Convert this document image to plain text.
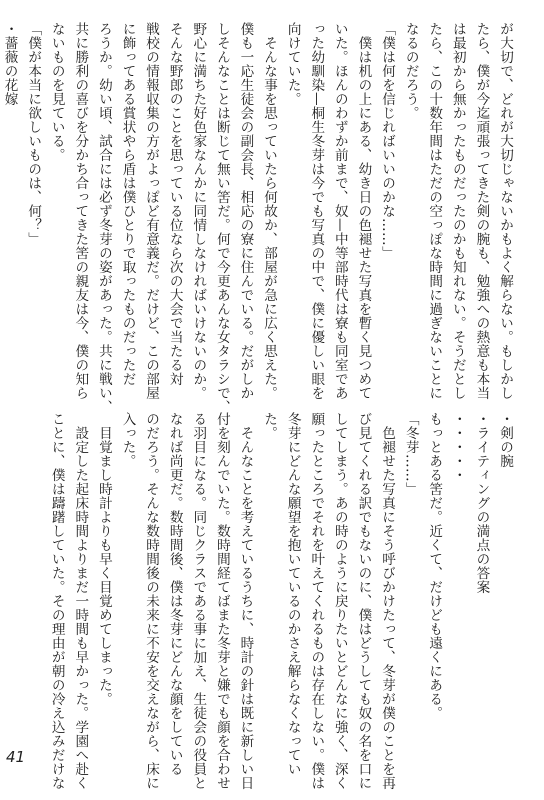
が大切で、どれが大切じゃないかもよく解らない。もしかし
たら、僕が今迄頑張ってきた剣の腕も、勉強への熱意も本当
は最初から無かったものだったのかも知れない。そうだとし
たら、この十数年間はただの空っぽな時間に過ぎないことに
なるのだろう。
「僕は何を信じればいいのかな……」
　僕は机の上にある、幼き日の色褪せた写真を暫く見つめて
いた。ほんのわずか前まで、奴—中等部時代は寮も同室であ
った幼馴染—桐生冬芽は今でも写真の中で、僕に優しい眼を
向けていた。
　そんな事を思っていたら何故か、部屋が急に広く思えた。
僕も一応生徒会の副会長、相応の寮に住んでいる。だがしか
しそんなことは断じて無い筈だ。何で今更あんな女タラシで、
野心に満ちた好色家なんかに同情しなければいけないのか。
そんな野郎のことを思っている位なら次の大会で当たる対
戦校の情報収集の方がよっぽど有意義だ。だけど、この部屋
に飾ってある賞状やら盾は僕ひとりで取ったものだっただ
ろうか。幼い頃、試合には必ず冬芽の姿があった。共に戦い、
共に勝利の喜びを分かち合ってきた筈の親友は今、僕の知ら
ないものを見ている。
「僕が本当に欲しいものは、何？」
・薔薇の花嫁
・剣の腕
・ライティングの満点の答案
・・・・・
もっとある筈だ。近くて、だけども遠くにある。
「冬芽……」
　色褪せた写真にそう呼びかけたって、冬芽が僕のことを再
び見てくれる訳でもないのに、僕はどうしても奴の名を口に
してしまう。あの時のように戻りたいとどんなに強く、深く
願ったところでそれを叶えてくれるものは存在しない。僕は
冬芽にどんな願望を抱いているのかさえ解らなくなってい
た。
　そんなことを考えているうちに、時計の針は既に新しい日
付を刻んでいた。数時間経てばまた冬芽と嫌でも顔を合わせ
る羽目になる。同じクラスである事に加え、生徒会の役員と
なれば尚更だ。数時間後、僕は冬芽にどんな顔をしている
のだろう。そんな数時間後の未来に不安を交えながら、床に
入った。
　目覚まし時計よりも早く目覚めてしまった。
　設定した起床時間よりまだ一時間も早かった。学園へ赴く
ことに、僕は躊躇していた。その理由が朝の冷え込みだけな
41
